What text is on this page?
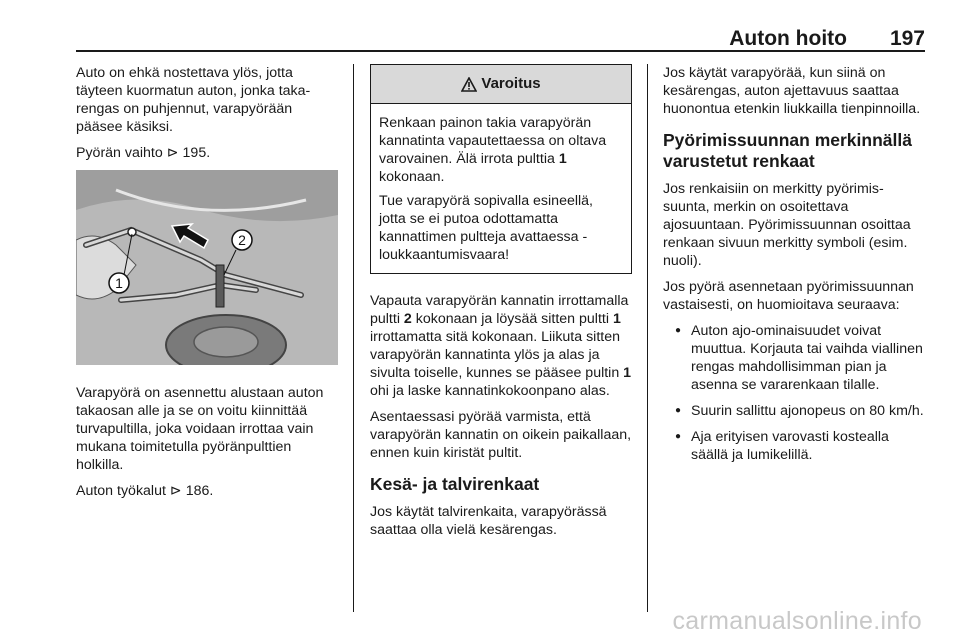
Auton hoito 197

Auto on ehkä nostettava ylös, jotta täyteen kuormatun auton, jonka takarengas on puhjennut, varapyörään pääsee käsiksi.

Pyörän vaihto ⊳ 195.

1
2

Varapyörä on asennettu alustaan auton takaosan alle ja se on voitu kiinnittää turvapultilla, joka voidaan irrottaa vain mukana toimitetulla pyöränpulttien holkilla.

Auton työkalut ⊳ 186.

Varoitus

Renkaan painon takia varapyörän kannatinta vapautettaessa on oltava varovainen. Älä irrota pulttia 1 kokonaan.

Tue varapyörä sopivalla esineellä, jotta se ei putoa odottamatta kannattimen pultteja avattaessa - loukkaantumisvaara!

Vapauta varapyörän kannatin irrottamalla pultti 2 kokonaan ja löysää sitten pultti 1 irrottamatta sitä kokonaan. Liikuta sitten varapyörän kannatinta ylös ja alas ja sivulta toiselle, kunnes se pääsee pultin 1 ohi ja laske kannatinkokoonpano alas.

Asentaessasi pyörää varmista, että varapyörän kannatin on oikein paikallaan, ennen kuin kiristät pultit.

Kesä- ja talvirenkaat

Jos käytät talvirenkaita, varapyörässä saattaa olla vielä kesärengas.

Jos käytät varapyörää, kun siinä on kesärengas, auton ajettavuus saattaa huonontua etenkin liukkailla tienpinnoilla.

Pyörimissuunnan merkinnällä varustetut renkaat

Jos renkaisiin on merkitty pyörimissuunta, merkin on osoitettava ajosuuntaan. Pyörimissuunnan osoittaa renkaan sivuun merkitty symboli (esim. nuoli).

Jos pyörä asennetaan pyörimissuunnan vastaisesti, on huomioitava seuraava:

● Auton ajo-ominaisuudet voivat muuttua. Korjauta tai vaihda viallinen rengas mahdollisimman pian ja asenna se vararenkaan tilalle.
● Suurin sallittu ajonopeus on 80 km/h.
● Aja erityisen varovasti kostealla säällä ja lumikelillä.
carmanualsonline.info
